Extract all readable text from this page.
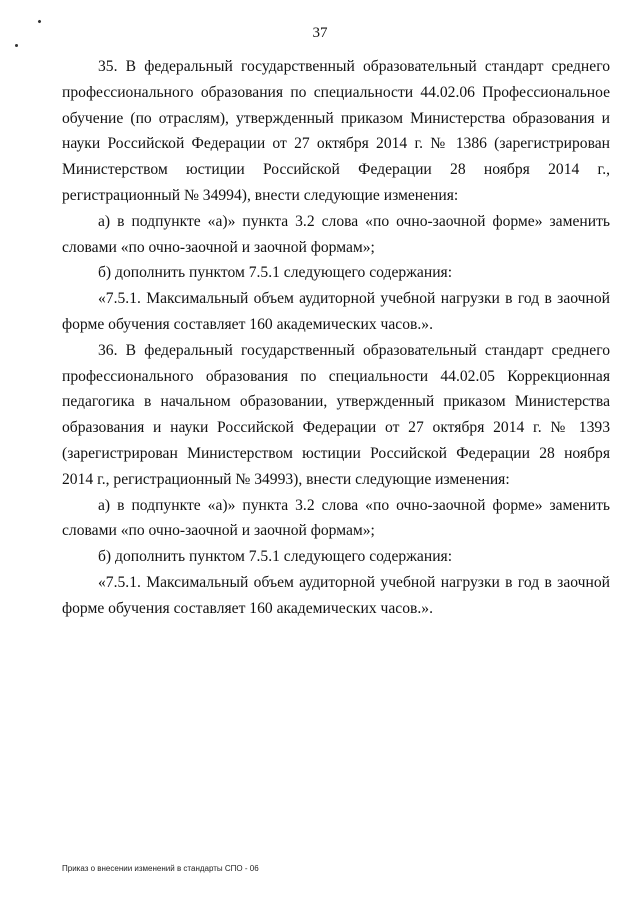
37

35. В федеральный государственный образовательный стандарт среднего профессионального образования по специальности 44.02.06 Профессиональное обучение (по отраслям), утвержденный приказом Министерства образования и науки Российской Федерации от 27 октября 2014 г. № 1386 (зарегистрирован Министерством юстиции Российской Федерации 28 ноября 2014 г., регистрационный № 34994), внести следующие изменения:

а) в подпункте «а)» пункта 3.2 слова «по очно-заочной форме» заменить словами «по очно-заочной и заочной формам»;

б) дополнить пунктом 7.5.1 следующего содержания:

«7.5.1. Максимальный объем аудиторной учебной нагрузки в год в заочной форме обучения составляет 160 академических часов.».

36. В федеральный государственный образовательный стандарт среднего профессионального образования по специальности 44.02.05 Коррекционная педагогика в начальном образовании, утвержденный приказом Министерства образования и науки Российской Федерации от 27 октября 2014 г. № 1393 (зарегистрирован Министерством юстиции Российской Федерации 28 ноября 2014 г., регистрационный № 34993), внести следующие изменения:

а) в подпункте «а)» пункта 3.2 слова «по очно-заочной форме» заменить словами «по очно-заочной и заочной формам»;

б) дополнить пунктом 7.5.1 следующего содержания:

«7.5.1. Максимальный объем аудиторной учебной нагрузки в год в заочной форме обучения составляет 160 академических часов.».

Приказ о внесении изменений в стандарты СПО - 06
